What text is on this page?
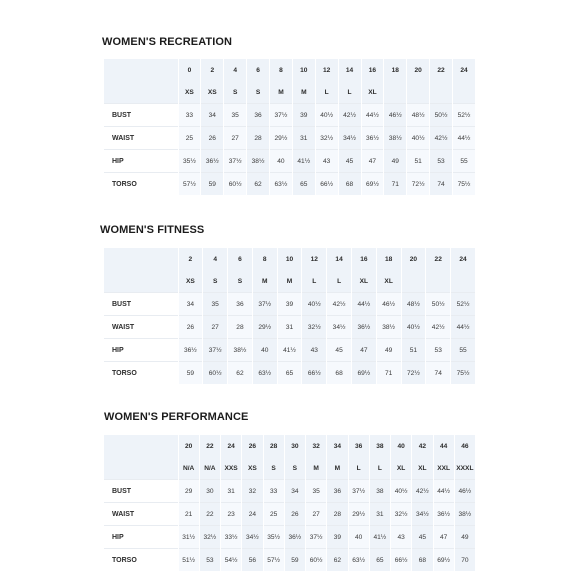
WOMEN'S RECREATION
	0	2	4	6	8	10	12	14	16	18	20	22	24
	XS	XS	S	S	M	M	L	L	XL				
BUST	33	34	35	36	37½	39	40½	42½	44½	46½	48½	50½	52½
WAIST	25	26	27	28	29½	31	32½	34½	36½	38½	40½	42½	44½
HIP	35½	36½	37½	38½	40	41½	43	45	47	49	51	53	55
TORSO	57½	59	60½	62	63½	65	66½	68	69½	71	72½	74	75½
WOMEN'S FITNESS
	2	4	6	8	10	12	14	16	18	20	22	24
	XS	S	S	M	M	L	L	XL	XL			
BUST	34	35	36	37½	39	40½	42½	44½	46½	48½	50½	52½
WAIST	26	27	28	29½	31	32½	34½	36½	38½	40½	42½	44½
HIP	36½	37½	38½	40	41½	43	45	47	49	51	53	55
TORSO	59	60½	62	63½	65	66½	68	69½	71	72½	74	75½
WOMEN'S PERFORMANCE
	20	22	24	26	28	30	32	34	36	38	40	42	44	46
	N/A	N/A	XXS	XS	S	S	M	M	L	L	XL	XL	XXL	XXXL
BUST	29	30	31	32	33	34	35	36	37½	38	40½	42½	44½	46½
WAIST	21	22	23	24	25	26	27	28	29½	31	32½	34½	36½	38½
HIP	31½	32½	33½	34½	35½	36½	37½	39	40	41½	43	45	47	49
TORSO	51½	53	54½	56	57½	59	60½	62	63½	65	66½	68	69½	70
